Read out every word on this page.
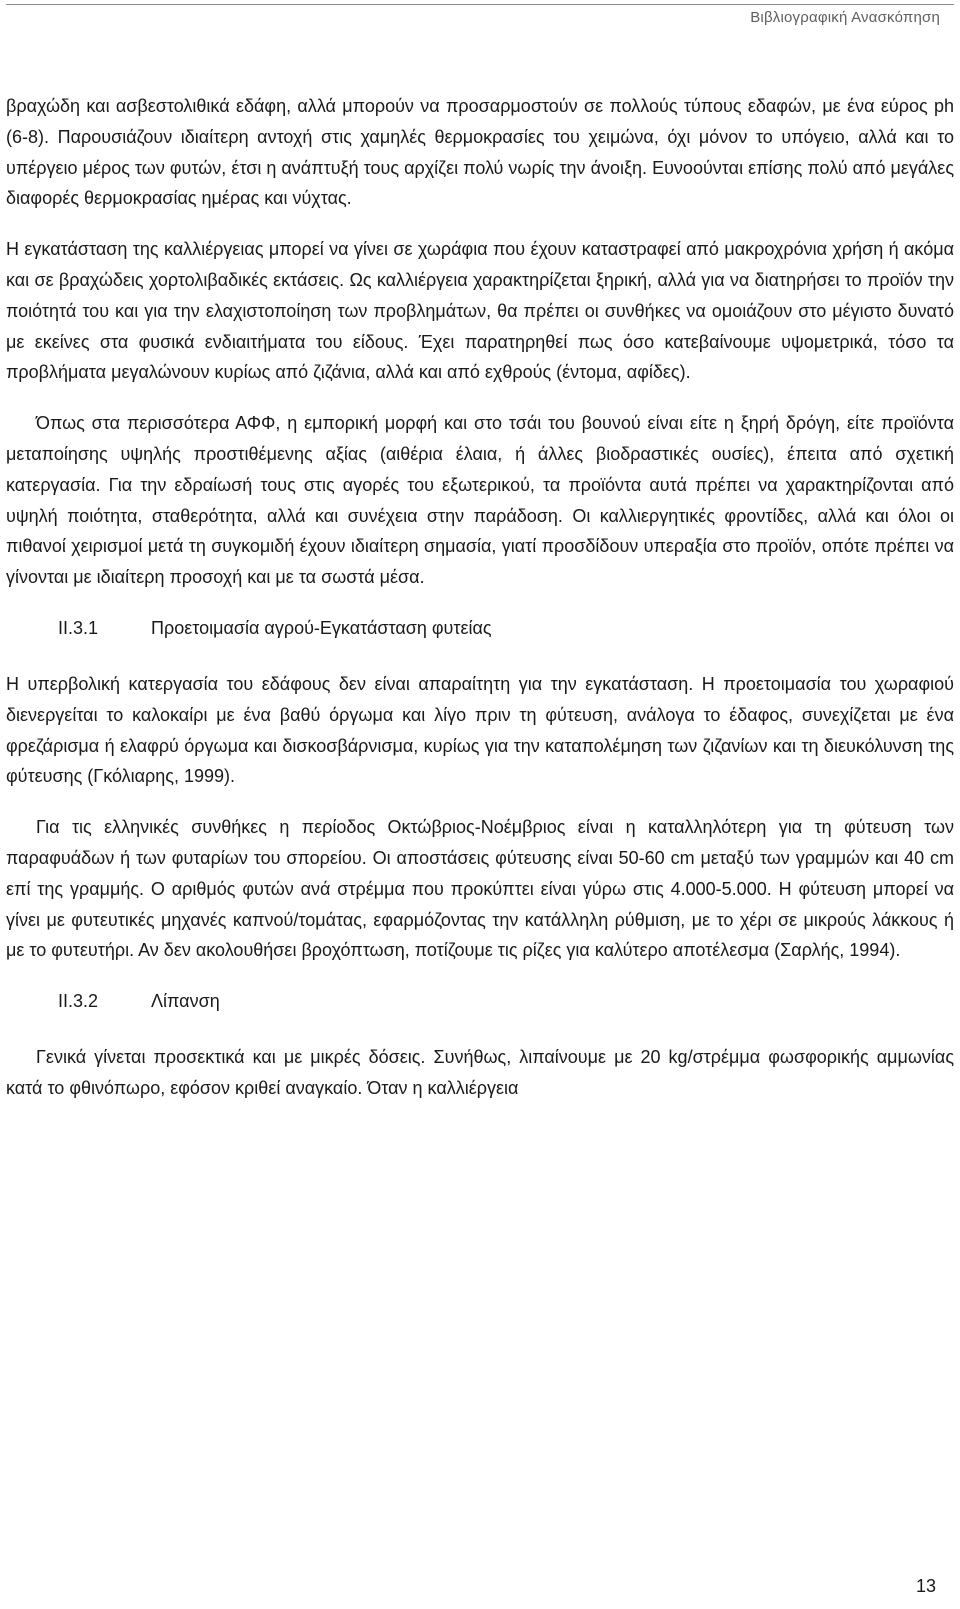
Βιβλιογραφική Ανασκόπηση

βραχώδη και ασβεστολιθικά εδάφη, αλλά μπορούν να προσαρμοστούν σε πολλούς τύπους εδαφών, με ένα εύρος ph (6-8). Παρουσιάζουν ιδιαίτερη αντοχή στις χαμηλές θερμοκρασίες του χειμώνα, όχι μόνον το υπόγειο, αλλά και το υπέργειο μέρος των φυτών, έτσι η ανάπτυξή τους αρχίζει πολύ νωρίς την άνοιξη. Ευνοούνται επίσης πολύ από μεγάλες διαφορές θερμοκρασίας ημέρας και νύχτας.

Η εγκατάσταση της καλλιέργειας μπορεί να γίνει σε χωράφια που έχουν καταστραφεί από μακροχρόνια χρήση ή ακόμα και σε βραχώδεις χορτολιβαδικές εκτάσεις. Ως καλλιέργεια χαρακτηρίζεται ξηρική, αλλά για να διατηρήσει το προϊόν την ποιότητά του και για την ελαχιστοποίηση των προβλημάτων, θα πρέπει οι συνθήκες να ομοιάζουν στο μέγιστο δυνατό με εκείνες στα φυσικά ενδιαιτήματα του είδους. Έχει παρατηρηθεί πως όσο κατεβαίνουμε υψομετρικά, τόσο τα προβλήματα μεγαλώνουν κυρίως από ζιζάνια, αλλά και από εχθρούς (έντομα, αφίδες).

Όπως στα περισσότερα ΑΦΦ, η εμπορική μορφή και στο τσάι του βουνού είναι είτε η ξηρή δρόγη, είτε προϊόντα μεταποίησης υψηλής προστιθέμενης αξίας (αιθέρια έλαια, ή άλλες βιοδραστικές ουσίες), έπειτα από σχετική κατεργασία. Για την εδραίωσή τους στις αγορές του εξωτερικού, τα προϊόντα αυτά πρέπει να χαρακτηρίζονται από υψηλή ποιότητα, σταθερότητα, αλλά και συνέχεια στην παράδοση. Οι καλλιεργητικές φροντίδες, αλλά και όλοι οι πιθανοί χειρισμοί μετά τη συγκομιδή έχουν ιδιαίτερη σημασία, γιατί προσδίδουν υπεραξία στο προϊόν, οπότε πρέπει να γίνονται με ιδιαίτερη προσοχή και με τα σωστά μέσα.

ΙΙ.3.1	Προετοιμασία αγρού-Εγκατάσταση φυτείας

Η υπερβολική κατεργασία του εδάφους δεν είναι απαραίτητη για την εγκατάσταση. Η προετοιμασία του χωραφιού διενεργείται το καλοκαίρι με ένα βαθύ όργωμα και λίγο πριν τη φύτευση, ανάλογα το έδαφος, συνεχίζεται με ένα φρεζάρισμα ή ελαφρύ όργωμα και δισκοσβάρνισμα, κυρίως για την καταπολέμηση των ζιζανίων και τη διευκόλυνση της φύτευσης (Γκόλιαρης, 1999).

Για τις ελληνικές συνθήκες η περίοδος Οκτώβριος-Νοέμβριος είναι η καταλληλότερη για τη φύτευση των παραφυάδων ή των φυταρίων του σπορείου. Οι αποστάσεις φύτευσης είναι 50-60 cm μεταξύ των γραμμών και 40 cm επί της γραμμής. Ο αριθμός φυτών ανά στρέμμα που προκύπτει είναι γύρω στις 4.000-5.000. Η φύτευση μπορεί να γίνει με φυτευτικές μηχανές καπνού/τομάτας, εφαρμόζοντας την κατάλληλη ρύθμιση, με το χέρι σε μικρούς λάκκους ή με το φυτευτήρι. Αν δεν ακολουθήσει βροχόπτωση, ποτίζουμε τις ρίζες για καλύτερο αποτέλεσμα (Σαρλής, 1994).

ΙΙ.3.2	Λίπανση

Γενικά γίνεται προσεκτικά και με μικρές δόσεις. Συνήθως, λιπαίνουμε με 20 kg/στρέμμα φωσφορικής αμμωνίας κατά το φθινόπωρο, εφόσον κριθεί αναγκαίο. Όταν η καλλιέργεια

13
